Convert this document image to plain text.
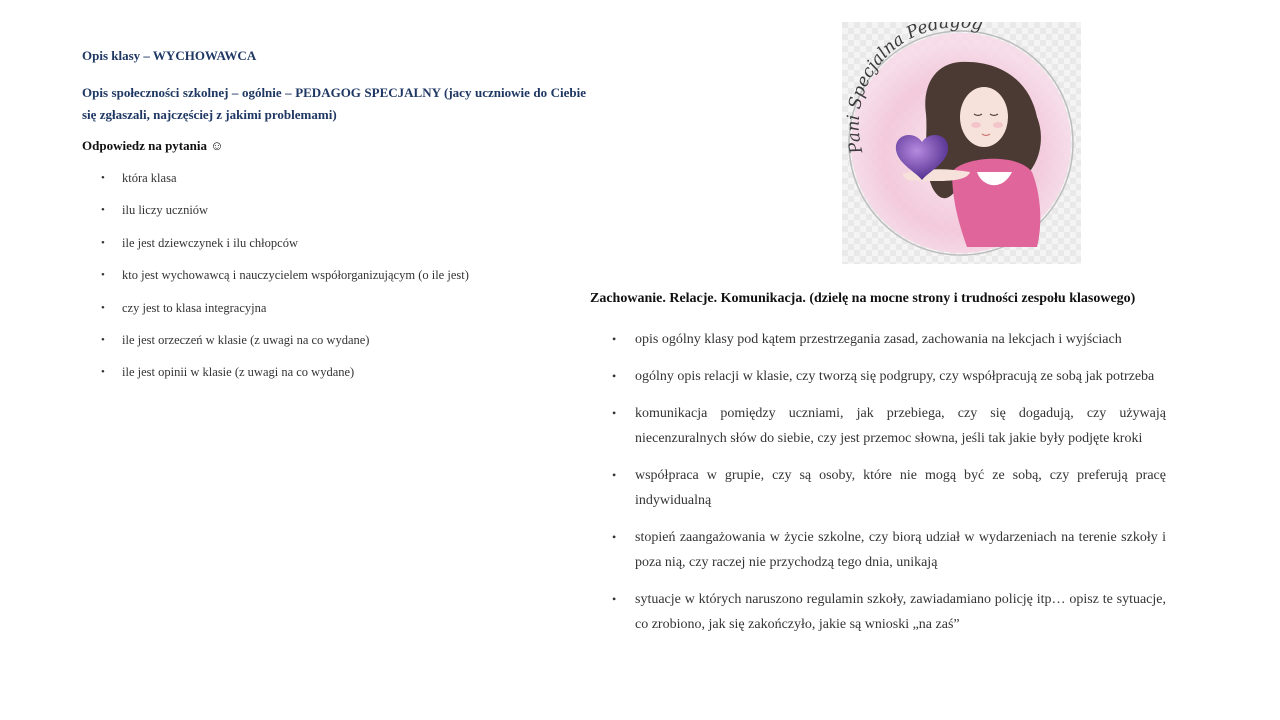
Opis klasy – WYCHOWAWCA

Opis społeczności szkolnej – ogólnie – PEDAGOG SPECJALNY (jacy uczniowie do Ciebie się zgłaszali, najczęściej z jakimi problemami)

Odpowiedz na pytania ☺

• która klasa
• ilu liczy uczniów
• ile jest dziewczynek i ilu chłopców
• kto jest wychowawcą i nauczycielem współorganizującym (o ile jest)
• czy jest to klasa integracyjna
• ile jest orzeczeń w klasie (z uwagi na co wydane)
• ile jest opinii w klasie (z uwagi na co wydane)
Pani Specjalna Pedagog

Zachowanie. Relacje. Komunikacja. (dzielę na mocne strony i trudności zespołu klasowego)

• opis ogólny klasy pod kątem przestrzegania zasad, zachowania na lekcjach i wyjściach
• ogólny opis relacji w klasie, czy tworzą się podgrupy, czy współpracują ze sobą jak potrzeba
• komunikacja pomiędzy uczniami, jak przebiega, czy się dogadują, czy używają niecenzuralnych słów do siebie, czy jest przemoc słowna, jeśli tak jakie były podjęte kroki
• współpraca w grupie, czy są osoby, które nie mogą być ze sobą, czy preferują pracę indywidualną
• stopień zaangażowania w życie szkolne, czy biorą udział w wydarzeniach na terenie szkoły i poza nią, czy raczej nie przychodzą tego dnia, unikają
• sytuacje w których naruszono regulamin szkoły, zawiadamiano policję itp… opisz te sytuacje, co zrobiono, jak się zakończyło, jakie są wnioski „na zaś”
